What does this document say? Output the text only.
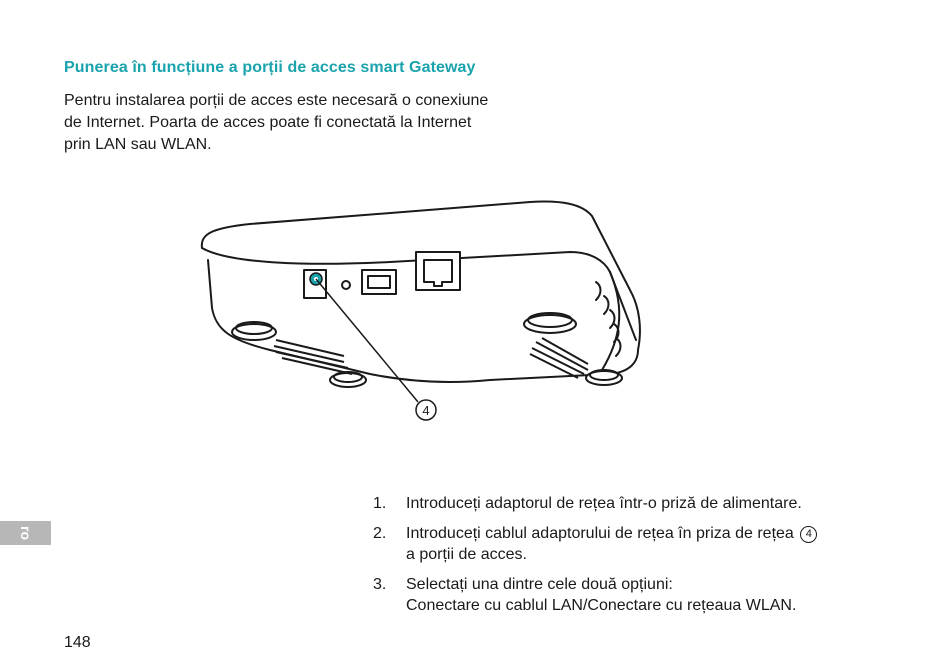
Punerea în funcțiune a porții de acces smart Gateway
Pentru instalarea porții de acces este necesară o conexiune
de Internet. Poarta de acces poate fi conectată la Internet
prin LAN sau WLAN.
4
1. Introduceți adaptorul de rețea într-o priză de alimentare.
2. Introduceți cablul adaptorului de rețea în priza de rețea 4
a porții de acces.
3. Selectați una dintre cele două opțiuni:
Conectare cu cablul LAN/Conectare cu rețeaua WLAN.
ro
148
